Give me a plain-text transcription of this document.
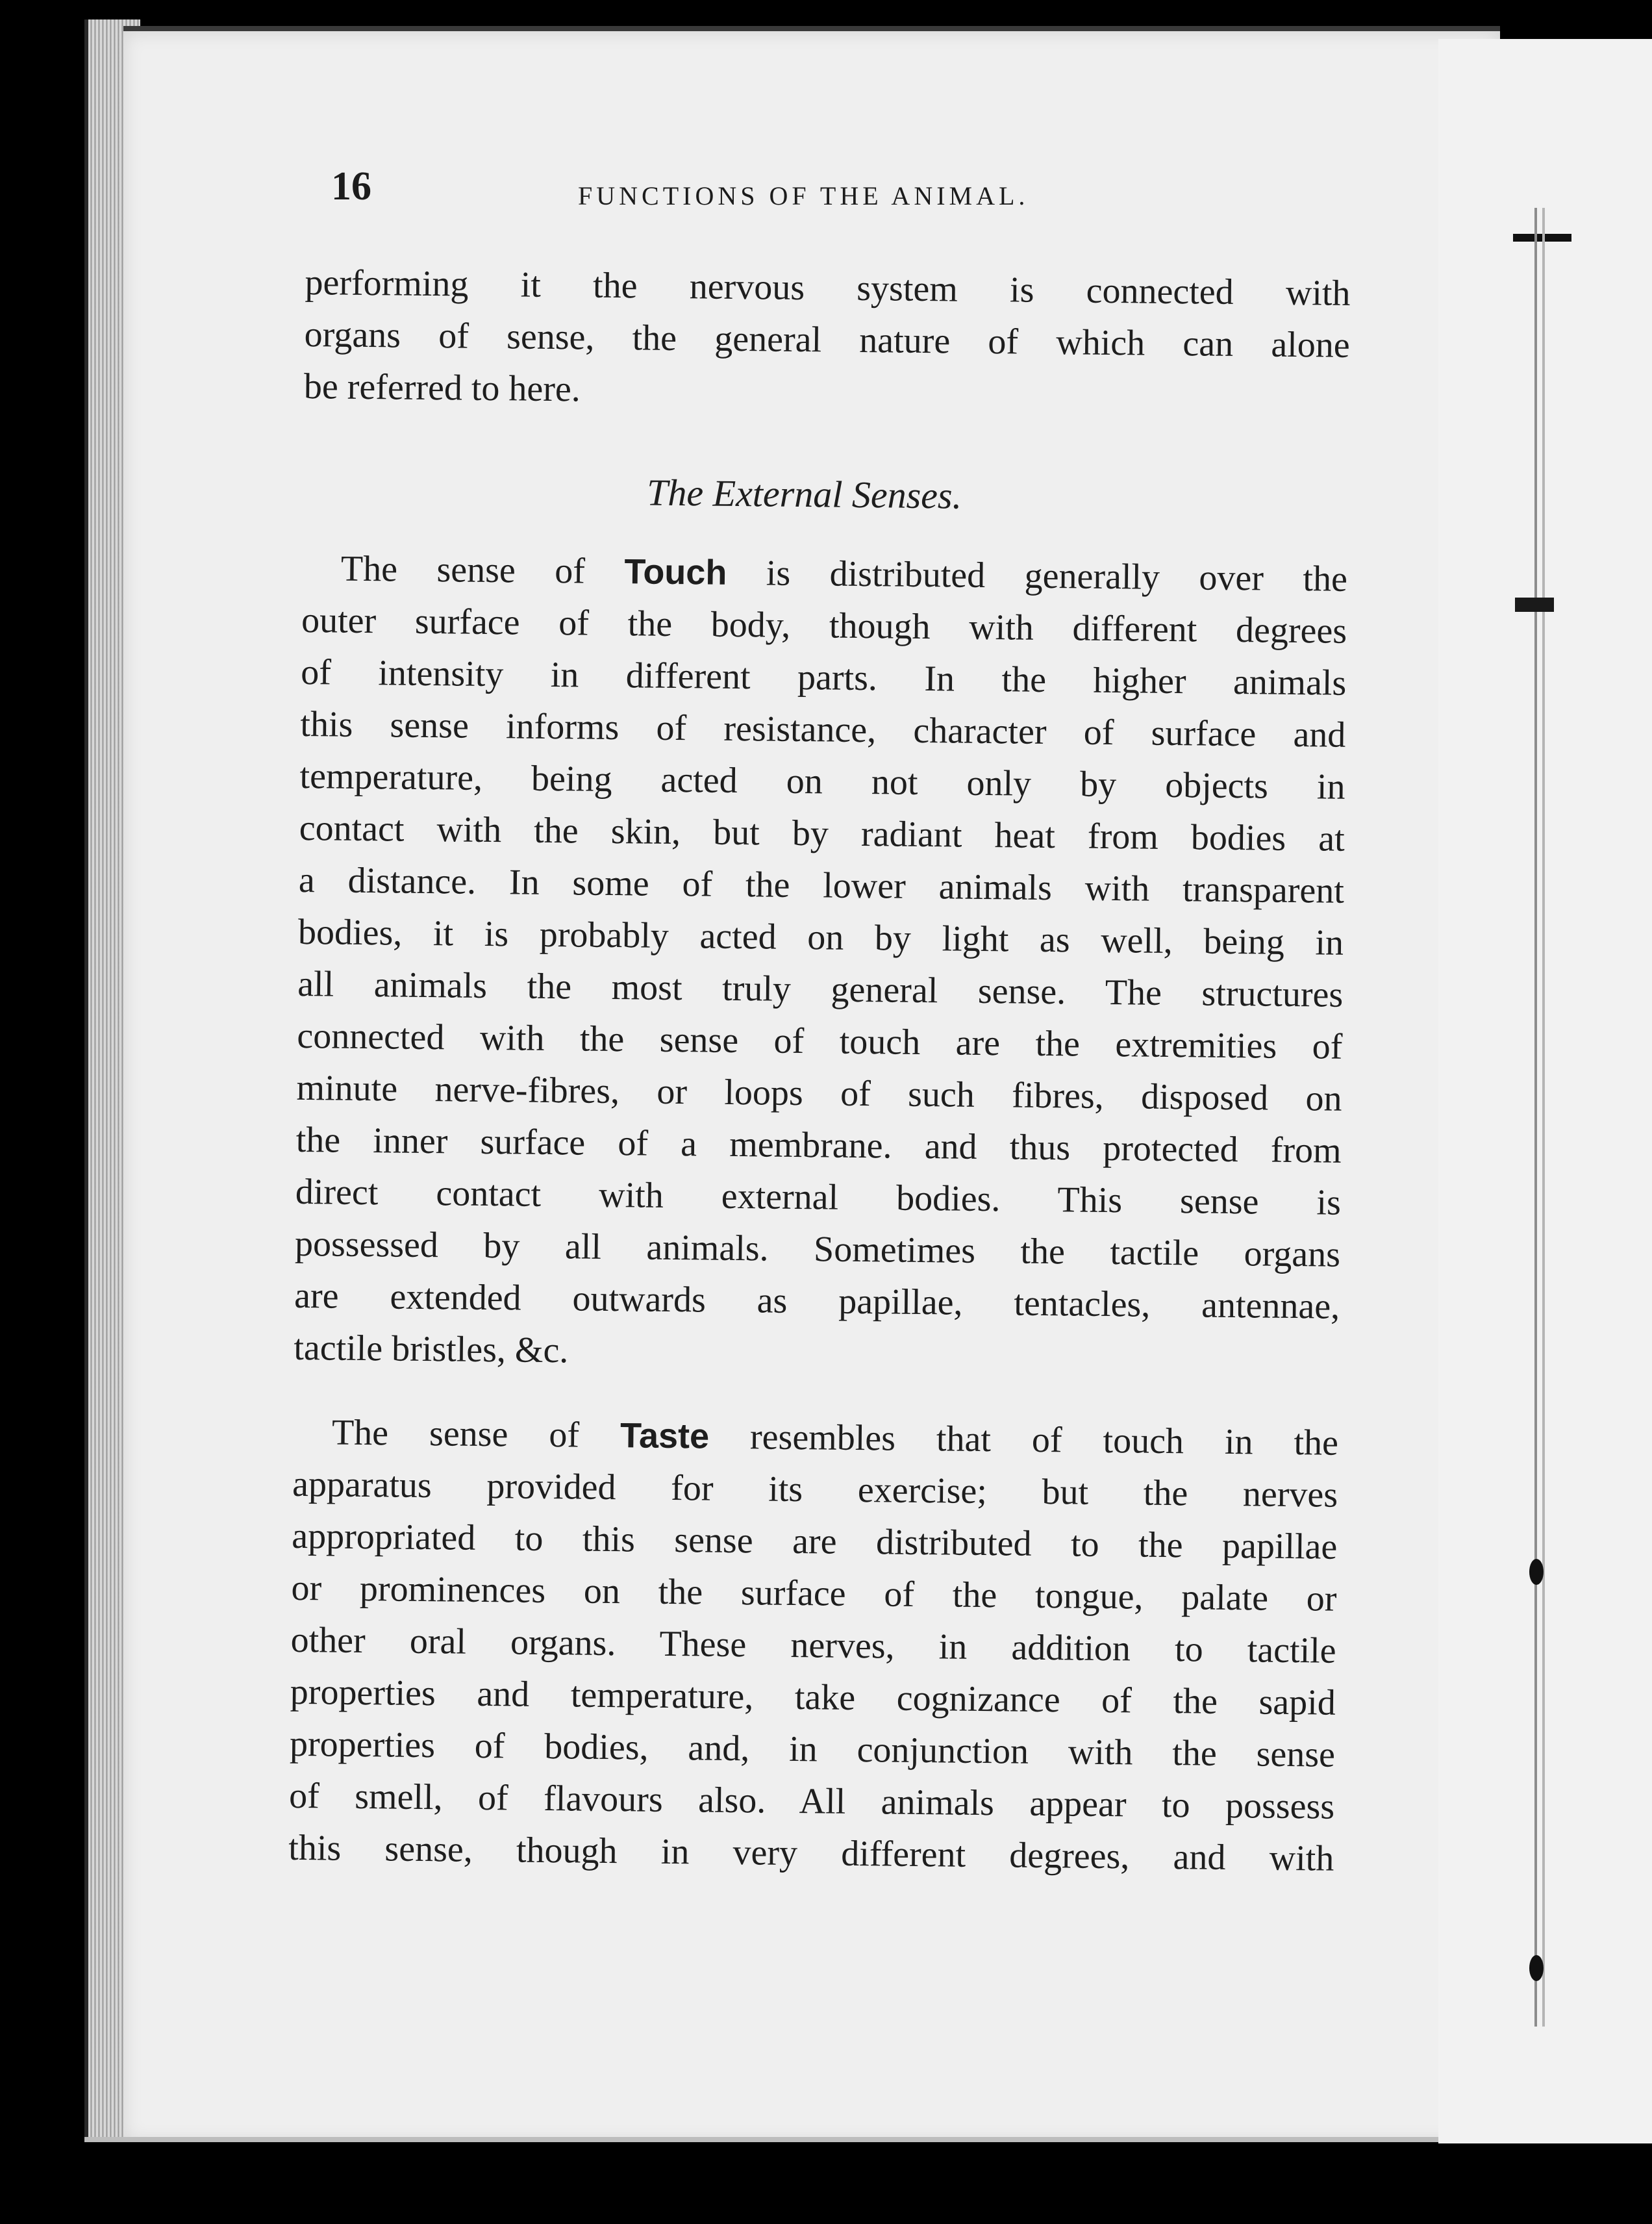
16	FUNCTIONS OF THE ANIMAL.
performing it the nervous system is connected with
organs of sense, the general nature of which can alone
be referred to here.
The External Senses.
The sense of Touch is distributed generally over the
outer surface of the body, though with different degrees
of intensity in different parts. In the higher animals
this sense informs of resistance, character of surface and
temperature, being acted on not only by objects in
contact with the skin, but by radiant heat from bodies at
a distance. In some of the lower animals with transparent
bodies, it is probably acted on by light as well, being in
all animals the most truly general sense. The structures
connected with the sense of touch are the extremities of
minute nerve-fibres, or loops of such fibres, disposed on
the inner surface of a membrane. and thus protected from
direct contact with external bodies. This sense is
possessed by all animals. Sometimes the tactile organs
are extended outwards as papillae, tentacles, antennae,
tactile bristles, &c.
The sense of Taste resembles that of touch in the
apparatus provided for its exercise; but the nerves
appropriated to this sense are distributed to the papillae
or prominences on the surface of the tongue, palate or
other oral organs. These nerves, in addition to tactile
properties and temperature, take cognizance of the sapid
properties of bodies, and, in conjunction with the sense
of smell, of flavours also. All animals appear to possess
this sense, though in very different degrees, and with
